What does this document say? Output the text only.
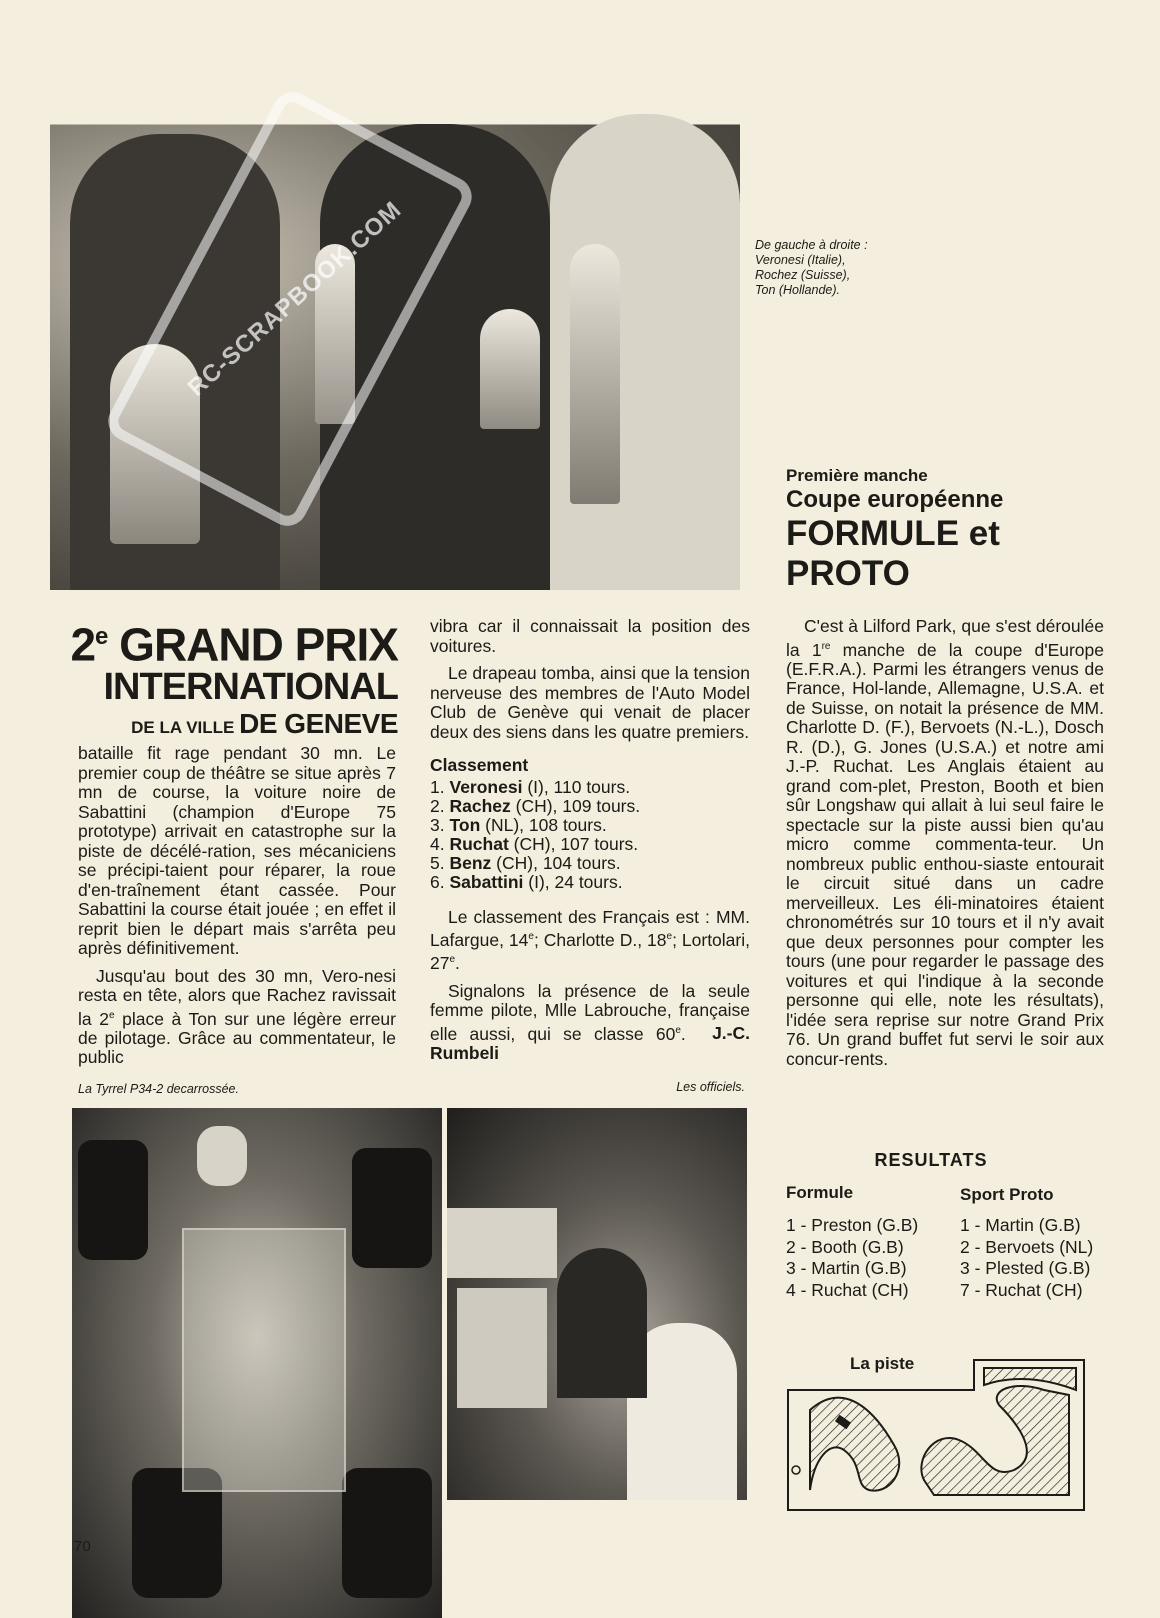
RC-SCRAPBOOK.COM	De gauche à droite :
Veronesi (Italie),
Rochez (Suisse),
Ton (Hollande).
2e GRAND PRIX
INTERNATIONAL
DE LA VILLE DE GENEVE

bataille fit rage pendant 30 mn. Le premier coup de théâtre se situe après 7 mn de course, la voiture noire de Sabattini (champion d'Europe 75 prototype) arrivait en catastrophe sur la piste de décélé-ration, ses mécaniciens se précipi-taient pour réparer, la roue d'en-traînement étant cassée. Pour Sabattini la course était jouée ; en effet il reprit bien le départ mais s'arrêta peu après définitivement.

Jusqu'au bout des 30 mn, Vero-nesi resta en tête, alors que Rachez ravissait la 2e place à Ton sur une légère erreur de pilotage. Grâce au commentateur, le public

vibra car il connaissait la position des voitures.

Le drapeau tomba, ainsi que la tension nerveuse des membres de l'Auto Model Club de Genève qui venait de placer deux des siens dans les quatre premiers.

Classement
1. Veronesi (I), 110 tours.
2. Rachez (CH), 109 tours.
3. Ton (NL), 108 tours.
4. Ruchat (CH), 107 tours.
5. Benz (CH), 104 tours.
6. Sabattini (I), 24 tours.

Le classement des Français est : MM. Lafargue, 14e; Charlotte D., 18e; Lortolari, 27e.

Signalons la présence de la seule femme pilote, Mlle Labrouche, française elle aussi, qui se classe 60e. J.-C. Rumbeli

La Tyrrel P34-2 decarrossée.	Les officiels.
70
Première manche
Coupe européenne
FORMULE et
PROTO

C'est à Lilford Park, que s'est déroulée la 1re manche de la coupe d'Europe (E.F.R.A.). Parmi les étrangers venus de France, Hol-lande, Allemagne, U.S.A. et de Suisse, on notait la présence de MM. Charlotte D. (F.), Bervoets (N.-L.), Dosch R. (D.), G. Jones (U.S.A.) et notre ami J.-P. Ruchat. Les Anglais étaient au grand com-plet, Preston, Booth et bien sûr Longshaw qui allait à lui seul faire le spectacle sur la piste aussi bien qu'au micro comme commenta-teur. Un nombreux public enthou-siaste entourait le circuit situé dans un cadre merveilleux. Les éli-minatoires étaient chronométrés sur 10 tours et il n'y avait que deux personnes pour compter les tours (une pour regarder le passage des voitures et qui l'indique à la seconde personne qui elle, note les résultats), l'idée sera reprise sur notre Grand Prix 76. Un grand buffet fut servi le soir aux concur-rents.

RESULTATS
Formule
1 - Preston (G.B)
2 - Booth (G.B)
3 - Martin (G.B)
4 - Ruchat (CH)
Sport Proto
1 - Martin (G.B)
2 - Bervoets (NL)
3 - Plested (G.B)
7 - Ruchat (CH)
La piste
